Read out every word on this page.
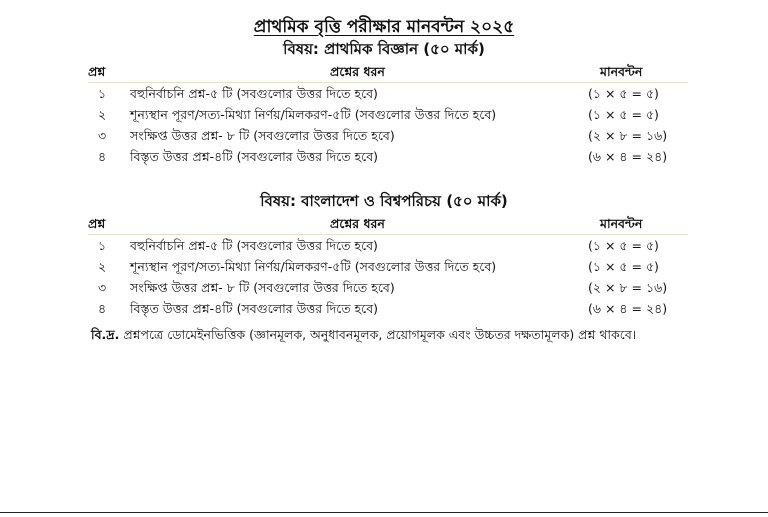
প্রাথমিক বৃত্তি পরীক্ষার মানবন্টন ২০২৫
বিষয়: প্রাথমিক বিজ্ঞান (৫০ মার্ক)
প্রশ্ন	প্রশ্নের ধরন	মানবন্টন
১ বহুনির্বাচনি প্রশ্ন-৫ টি (সবগুলোর উত্তর দিতে হবে)	(১ × ৫ = ৫)
২ শূন্যস্থান পূরণ/সত্য-মিথ্যা নির্ণয়/মিলকরণ-৫টি (সবগুলোর উত্তর দিতে হবে)	(১ × ৫ = ৫)
৩ সংক্ষিপ্ত উত্তর প্রশ্ন- ৮ টি (সবগুলোর উত্তর দিতে হবে)	(২ × ৮ = ১৬)
৪ বিস্তৃত উত্তর প্রশ্ন-৪টি (সবগুলোর উত্তর দিতে হবে)	(৬ × ৪ = ২৪)
বিষয়: বাংলাদেশ ও বিশ্বপরিচয় (৫০ মার্ক)
প্রশ্ন	প্রশ্নের ধরন	মানবন্টন
১ বহুনির্বাচনি প্রশ্ন-৫ টি (সবগুলোর উত্তর দিতে হবে)	(১ × ৫ = ৫)
২ শূন্যস্থান পূরণ/সত্য-মিথ্যা নির্ণয়/মিলকরণ-৫টি (সবগুলোর উত্তর দিতে হবে)	(১ × ৫ = ৫)
৩ সংক্ষিপ্ত উত্তর প্রশ্ন- ৮ টি (সবগুলোর উত্তর দিতে হবে)	(২ × ৮ = ১৬)
৪ বিস্তৃত উত্তর প্রশ্ন-৪টি (সবগুলোর উত্তর দিতে হবে)	(৬ × ৪ = ২৪)
বি.দ্র. প্রশ্নপত্রে ডোমেইনভিত্তিক (জ্ঞানমূলক, অনুধাবনমূলক, প্রয়োগমূলক এবং উচ্চতর দক্ষতামূলক) প্রশ্ন থাকবে।
